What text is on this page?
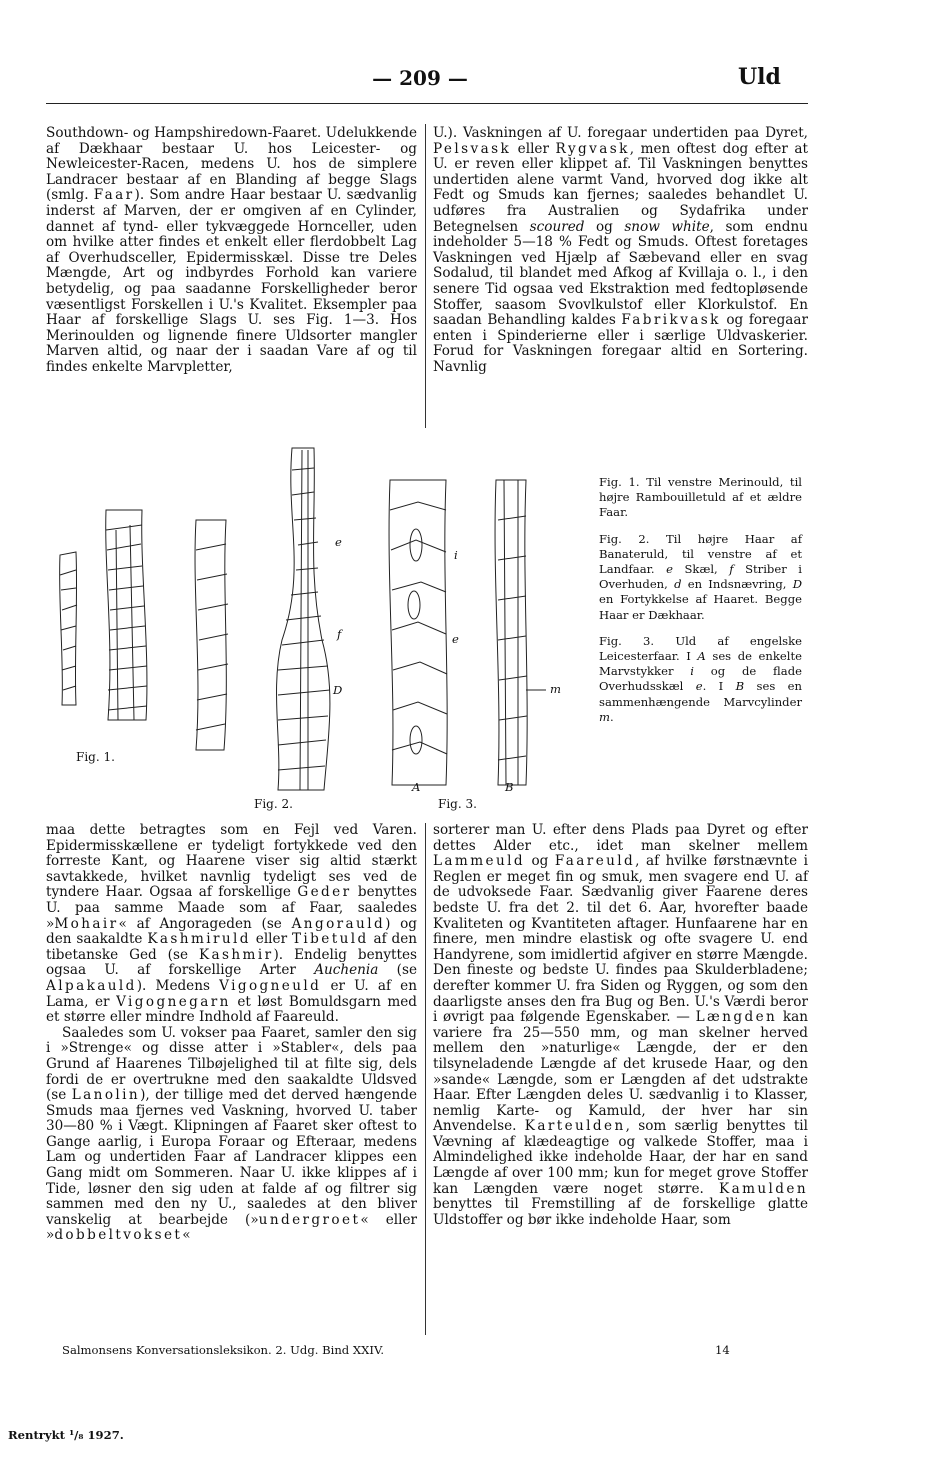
— 209 —	Uld

Southdown- og Hampshiredown-Faaret. Udelukkende af Dækhaar bestaar U. hos Leicester- og Newleicester-Racen, medens U. hos de simplere Landracer bestaar af en Blanding af begge Slags (smlg. Faar). Som andre Haar bestaar U. sædvanlig inderst af Marven, der er omgiven af en Cylinder, dannet af tynd- eller tykvæggede Hornceller, uden om hvilke atter findes et enkelt eller flerdobbelt Lag af Overhudsceller, Epidermisskæl. Disse tre Deles Mængde, Art og indbyrdes Forhold kan variere betydelig, og paa saadanne Forskelligheder beror væsentligst Forskellen i U.'s Kvalitet. Eksempler paa Haar af forskellige Slags U. ses Fig. 1—3. Hos Merinoulden og lignende finere Uldsorter mangler Marven altid, og naar der i saadan Vare af og til findes enkelte Marvpletter,

U.). Vaskningen af U. foregaar undertiden paa Dyret, Pelsvask eller Rygvask, men oftest dog efter at U. er reven eller klippet af. Til Vaskningen benyttes undertiden alene varmt Vand, hvorved dog ikke alt Fedt og Smuds kan fjernes; saaledes behandlet U. udføres fra Australien og Sydafrika under Betegnelsen scoured og snow white, som endnu indeholder 5—18 % Fedt og Smuds. Oftest foretages Vaskningen ved Hjælp af Sæbevand eller en svag Sodalud, til blandet med Afkog af Kvillaja o. l., i den senere Tid ogsaa ved Ekstraktion med fedtopløsende Stoffer, saasom Svovlkulstof eller Klorkulstof. En saadan Behandling kaldes Fabrikvask og foregaar enten i Spinderierne eller i særlige Uldvaskerier. Forud for Vaskningen foregaar altid en Sortering. Navnlig

e
f
D
i
e
m
A	B
Fig. 1.
Fig. 2.	Fig. 3.

Fig. 1. Til venstre Merinould, til højre Rambouilletuld af et ældre Faar.

Fig. 2. Til højre Haar af Banateruld, til venstre af et Landfaar. e Skæl, f Striber i Overhuden, d en Indsnævring, D en Fortykkelse af Haaret. Begge Haar er Dækhaar.

Fig. 3. Uld af engelske Leicesterfaar. I A ses de enkelte Marvstykker i og de flade Overhudsskæl e. I B ses en sammenhængende Marvcylinder m.

maa dette betragtes som en Fejl ved Varen. Epidermisskællene er tydeligt fortykkede ved den forreste Kant, og Haarene viser sig altid stærkt savtakkede, hvilket navnlig tydeligt ses ved de tyndere Haar. Ogsaa af forskellige Geder benyttes U. paa samme Maade som af Faar, saaledes »Mohair« af Angorageden (se Angorauld) og den saakaldte Kashmiruld eller Tibetuld af den tibetanske Ged (se Kashmir). Endelig benyttes ogsaa U. af forskellige Arter Auchenia (se Alpakauld). Medens Vigogneuld er U. af en Lama, er Vigognegarn et løst Bomuldsgarn med et større eller mindre Indhold af Faareuld.

Saaledes som U. vokser paa Faaret, samler den sig i »Strenge« og disse atter i »Stabler«, dels paa Grund af Haarenes Tilbøjelighed til at filte sig, dels fordi de er overtrukne med den saakaldte Uldsved (se Lanolin), der tillige med det derved hængende Smuds maa fjernes ved Vaskning, hvorved U. taber 30—80 % i Vægt. Klipningen af Faaret sker oftest to Gange aarlig, i Europa Foraar og Efteraar, medens Lam og undertiden Faar af Landracer klippes een Gang midt om Sommeren. Naar U. ikke klippes af i Tide, løsner den sig uden at falde af og filtrer sig sammen med den ny U., saaledes at den bliver vanskelig at bearbejde (»undergroet« eller »dobbeltvokset«

sorterer man U. efter dens Plads paa Dyret og efter dettes Alder etc., idet man skelner mellem Lammeuld og Faareuld, af hvilke førstnævnte i Reglen er meget fin og smuk, men svagere end U. af de udvoksede Faar. Sædvanlig giver Faarene deres bedste U. fra det 2. til det 6. Aar, hvorefter baade Kvaliteten og Kvantiteten aftager. Hunfaarene har en finere, men mindre elastisk og ofte svagere U. end Handyrene, som imidlertid afgiver en større Mængde. Den fineste og bedste U. findes paa Skulderbladene; derefter kommer U. fra Siden og Ryggen, og som den daarligste anses den fra Bug og Ben. U.'s Værdi beror i øvrigt paa følgende Egenskaber. — Længden kan variere fra 25—550 mm, og man skelner herved mellem den »naturlige« Længde, der er den tilsyneladende Længde af det krusede Haar, og den »sande« Længde, som er Længden af det udstrakte Haar. Efter Længden deles U. sædvanlig i to Klasser, nemlig Karte- og Kamuld, der hver har sin Anvendelse. Karteulden, som særlig benyttes til Vævning af klædeagtige og valkede Stoffer, maa i Almindelighed ikke indeholde Haar, der har en sand Længde af over 100 mm; kun for meget grove Stoffer kan Længden være noget større. Kamulden benyttes til Fremstilling af de forskellige glatte Uldstoffer og bør ikke indeholde Haar, som

Salmonsens Konversationsleksikon. 2. Udg. Bind XXIV.	14
Rentrykt ¹/₈ 1927.
